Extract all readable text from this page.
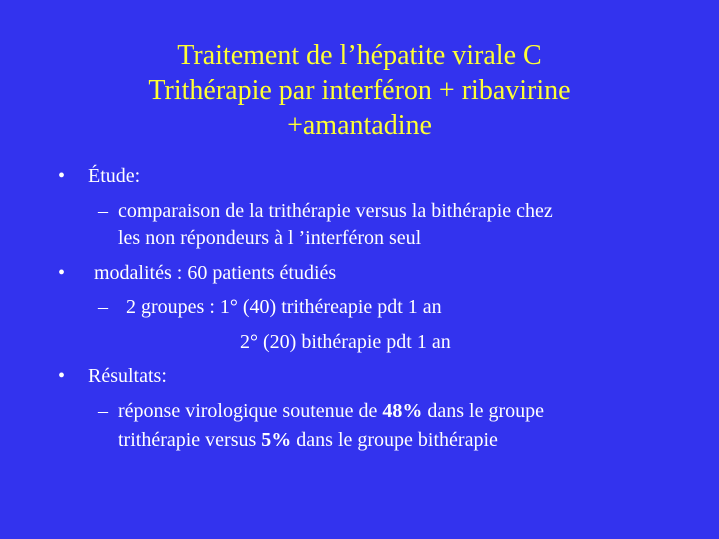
Traitement de l’hépatite virale C
Trithérapie par interféron + ribavirine
+amantadine
• Étude:
– comparaison de la trithérapie versus la bithérapie chez
les non répondeurs à l ’interféron seul
• modalités : 60 patients étudiés
– 2 groupes : 1° (40) trithéreapie pdt 1 an
2° (20) bithérapie pdt 1 an
• Résultats:
– réponse virologique soutenue de 48% dans le groupe
trithérapie versus 5% dans le groupe bithérapie
